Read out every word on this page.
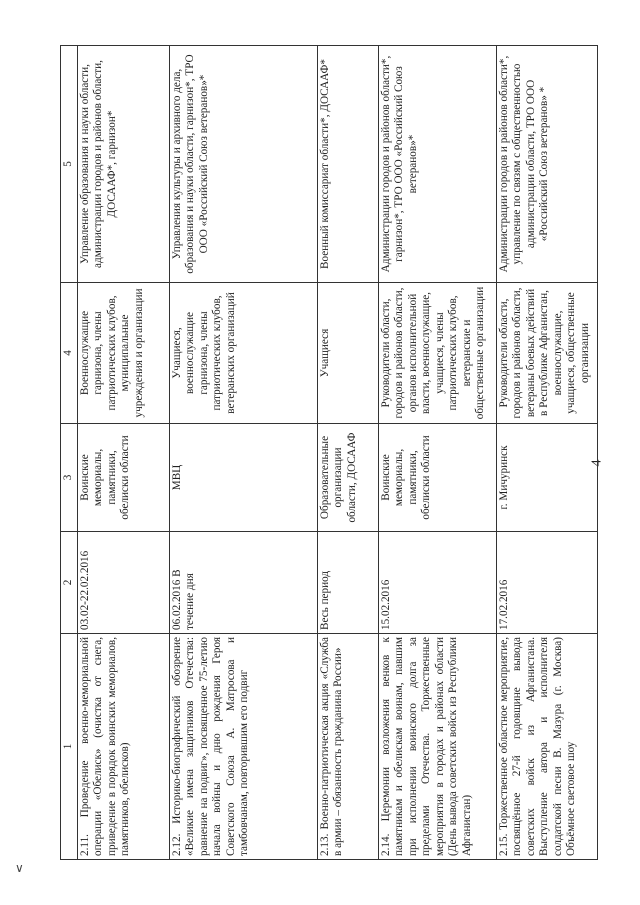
4
∨
1	2	3	4	5
2.11. Проведение военно-мемориальной операции «Обелиск» (очистка от снега, приведение в порядок воинских мемориалов, памятников, обелисков)	03.02-22.02.2016	Воинские мемориалы, памятники, обелиски области	Военнослужащие гарнизона, члены патриотических клубов, муниципальные учреждения и организации	Управление образования и науки области, администрации городов и районов области, ДОСААФ*, гарнизон*
2.12. Историко-биографический обозрение «Великие имена защитников Отечества: равнение на подвиг», посвященное 75-летию начала войны и дню рождения Героя Советского Союза А. Матросова и тамбовчанам, повторившим его подвиг	06.02.2016 В течение дня	МВЦ	Учащиеся, военнослужащие гарнизона, члены патриотических клубов, ветеранских организаций	Управления культуры и архивного дела, образования и науки области, гарнизон*, ТРО ООО «Российский Союз ветеранов»*
2.13. Военно-патриотическая акция «Служба в армии – обязанность гражданина России»	Весь период	Образовательные организации области, ДОСААФ	Учащиеся	Военный комиссариат области*, ДОСААФ*
2.14. Церемонии возложения венков к памятникам и обелискам воинам, павшим при исполнении воинского долга за пределами Отечества. Торжественные мероприятия в городах и районах области (День вывода советских войск из Республики Афганистан)	15.02.2016	Воинские мемориалы, памятники, обелиски области	Руководители области, городов и районов области, органов исполнительной власти, военнослужащие, учащиеся, члены патриотических клубов, ветеранские и общественные организации	Администрации городов и районов области*, гарнизон*, ТРО ООО «Российский Союз ветеранов»*
2.15. Торжественное областное мероприятие, посвящённое 27-й годовщине вывода советских войск из Афганистана. Выступление автора и исполнителя солдатской песни В. Мазура (г. Москва) Объёмное световое шоу	17.02.2016	г. Мичуринск	Руководители области, городов и районов области, ветераны боевых действий в Республике Афганистан, военнослужащие, учащиеся, общественные организации	Администрации городов и районов области*, управление по связям с общественностью администрации области, ТРО ООО «Российский Союз ветеранов» *
